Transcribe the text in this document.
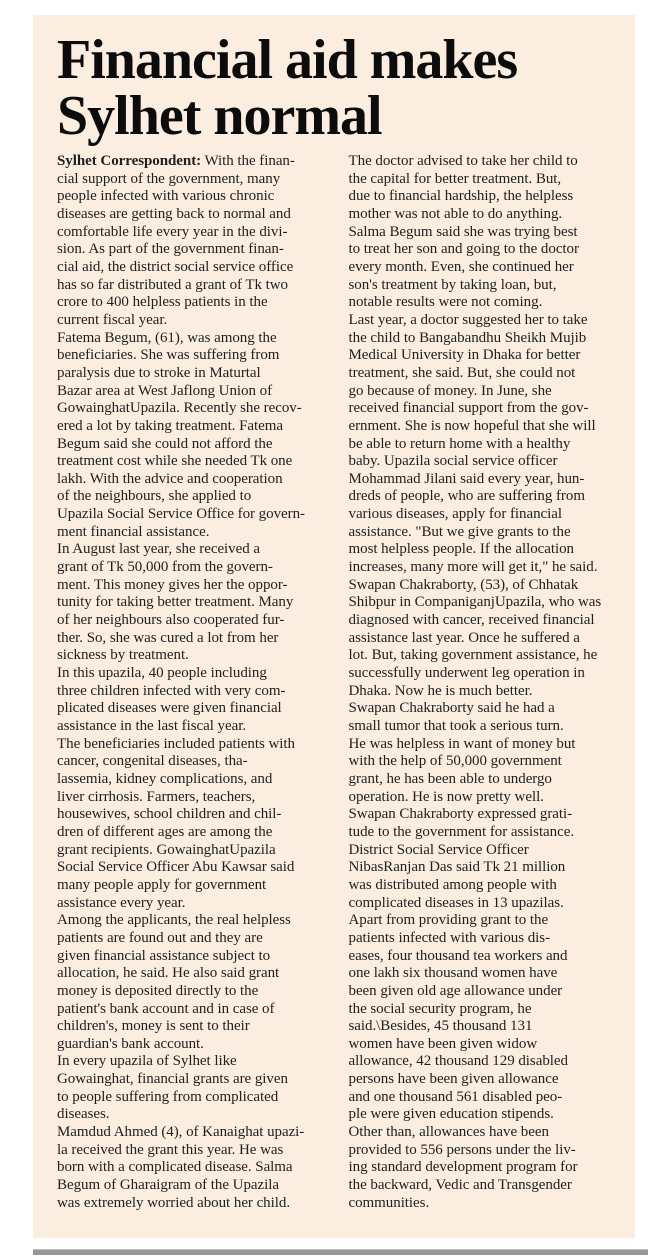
Financial aid makes
Sylhet normal
Sylhet Correspondent: With the finan-
cial support of the government, many
people infected with various chronic
diseases are getting back to normal and
comfortable life every year in the divi-
sion. As part of the government finan-
cial aid, the district social service office
has so far distributed a grant of Tk two
crore to 400 helpless patients in the
current fiscal year.
Fatema Begum, (61), was among the
beneficiaries. She was suffering from
paralysis due to stroke in Maturtal
Bazar area at West Jaflong Union of
GowainghatUpazila. Recently she recov-
ered a lot by taking treatment. Fatema
Begum said she could not afford the
treatment cost while she needed Tk one
lakh. With the advice and cooperation
of the neighbours, she applied to
Upazila Social Service Office for govern-
ment financial assistance.
In August last year, she received a
grant of Tk 50,000 from the govern-
ment. This money gives her the oppor-
tunity for taking better treatment. Many
of her neighbours also cooperated fur-
ther. So, she was cured a lot from her
sickness by treatment.
In this upazila, 40 people including
three children infected with very com-
plicated diseases were given financial
assistance in the last fiscal year.
The beneficiaries included patients with
cancer, congenital diseases, tha-
lassemia, kidney complications, and
liver cirrhosis. Farmers, teachers,
housewives, school children and chil-
dren of different ages are among the
grant recipients. GowainghatUpazila
Social Service Officer Abu Kawsar said
many people apply for government
assistance every year.
Among the applicants, the real helpless
patients are found out and they are
given financial assistance subject to
allocation, he said. He also said grant
money is deposited directly to the
patient's bank account and in case of
children's, money is sent to their
guardian's bank account.
In every upazila of Sylhet like
Gowainghat, financial grants are given
to people suffering from complicated
diseases.
Mamdud Ahmed (4), of Kanaighat upazi-
la received the grant this year. He was
born with a complicated disease. Salma
Begum of Gharaigram of the Upazila
was extremely worried about her child.
The doctor advised to take her child to
the capital for better treatment. But,
due to financial hardship, the helpless
mother was not able to do anything.
Salma Begum said she was trying best
to treat her son and going to the doctor
every month. Even, she continued her
son's treatment by taking loan, but,
notable results were not coming.
Last year, a doctor suggested her to take
the child to Bangabandhu Sheikh Mujib
Medical University in Dhaka for better
treatment, she said. But, she could not
go because of money. In June, she
received financial support from the gov-
ernment. She is now hopeful that she will
be able to return home with a healthy
baby. Upazila social service officer
Mohammad Jilani said every year, hun-
dreds of people, who are suffering from
various diseases, apply for financial
assistance. "But we give grants to the
most helpless people. If the allocation
increases, many more will get it," he said.
Swapan Chakraborty, (53), of Chhatak
Shibpur in CompaniganjUpazila, who was
diagnosed with cancer, received financial
assistance last year. Once he suffered a
lot. But, taking government assistance, he
successfully underwent leg operation in
Dhaka. Now he is much better.
Swapan Chakraborty said he had a
small tumor that took a serious turn.
He was helpless in want of money but
with the help of 50,000 government
grant, he has been able to undergo
operation. He is now pretty well.
Swapan Chakraborty expressed grati-
tude to the government for assistance.
District Social Service Officer
NibasRanjan Das said Tk 21 million
was distributed among people with
complicated diseases in 13 upazilas.
Apart from providing grant to the
patients infected with various dis-
eases, four thousand tea workers and
one lakh six thousand women have
been given old age allowance under
the social security program, he
said.\Besides, 45 thousand 131
women have been given widow
allowance, 42 thousand 129 disabled
persons have been given allowance
and one thousand 561 disabled peo-
ple were given education stipends.
Other than, allowances have been
provided to 556 persons under the liv-
ing standard development program for
the backward, Vedic and Transgender
communities.
